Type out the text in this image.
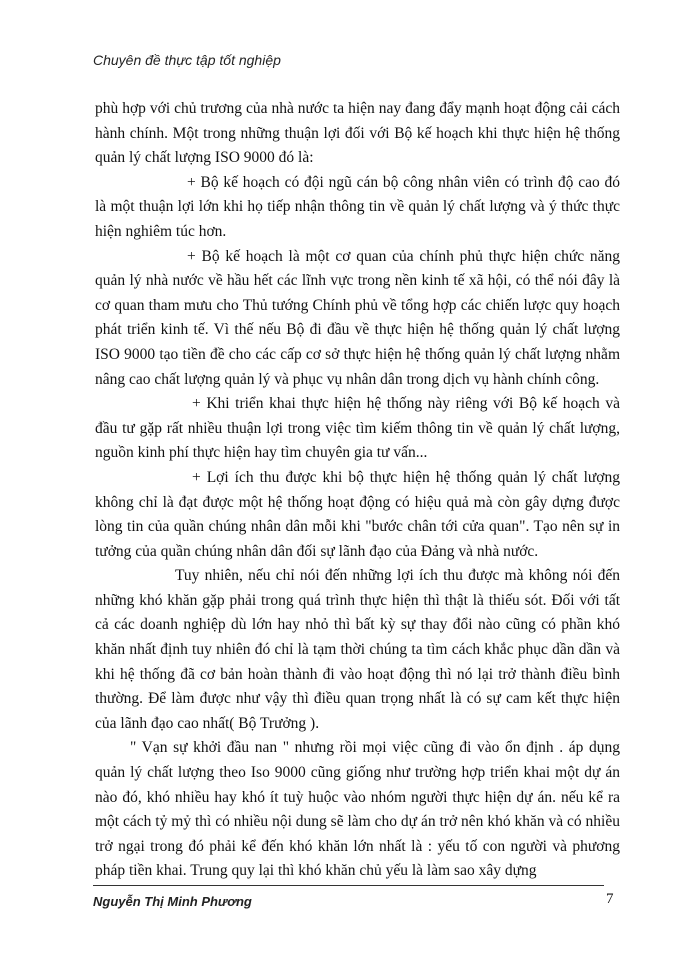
Chuyên đề thực tập tốt nghiệp

phù hợp với chủ trương của nhà nước ta hiện nay đang đẩy mạnh hoạt động cải cách hành chính. Một trong những thuận lợi đối với Bộ kế hoạch khi thực hiện hệ thống quản lý chất lượng ISO 9000 đó là:

+ Bộ kế hoạch có đội ngũ cán bộ công nhân viên có trình độ cao đó là một thuận lợi lớn khi họ tiếp nhận thông tin về quản lý chất lượng và ý thức thực hiện nghiêm túc hơn.

+ Bộ kế hoạch là một cơ quan của chính phủ thực hiện chức năng quản lý nhà nước về hầu hết các lĩnh vực trong nền kinh tế xã hội, có thể nói đây là cơ quan tham mưu cho Thủ tướng Chính phủ về tổng hợp các chiến lược quy hoạch phát triển kinh tế. Vì thế nếu Bộ đi đầu về thực hiện hệ thống quản lý chất lượng ISO 9000 tạo tiền đề cho các cấp cơ sở thực hiện hệ thống quản lý chất lượng nhằm nâng cao chất lượng quản lý và phục vụ nhân dân trong dịch vụ hành chính công.

+ Khi triển khai thực hiện hệ thống này riêng với Bộ kế hoạch và đầu tư gặp rất nhiều thuận lợi trong việc tìm kiếm thông tin về quản lý chất lượng, nguồn kinh phí thực hiện hay tìm chuyên gia tư vấn...

+ Lợi ích thu được khi bộ thực hiện hệ thống quản lý chất lượng không chỉ là đạt được một hệ thống hoạt động có hiệu quả mà còn gây dựng được lòng tin của quần chúng nhân dân mỗi khi "bước chân tới cửa quan". Tạo nên sự in tưởng của quần chúng nhân dân đối sự lãnh đạo của Đảng và nhà nước.

Tuy nhiên, nếu chỉ nói đến những lợi ích thu được mà không nói đến những khó khăn gặp phải trong quá trình thực hiện thì thật là thiếu sót. Đối với tất cả các doanh nghiệp dù lớn hay nhỏ thì bất kỳ sự thay đổi nào cũng có phần khó khăn nhất định tuy nhiên đó chỉ là tạm thời chúng ta tìm cách khắc phục dần dần và khi hệ thống đã cơ bản hoàn thành đi vào hoạt động thì nó lại trở thành điều bình thường. Để làm được như vậy thì điều quan trọng nhất là có sự cam kết thực hiện của lãnh đạo cao nhất( Bộ Trưởng ).

" Vạn sự khởi đầu nan " nhưng rồi mọi việc cũng đi vào ổn định . áp dụng quản lý chất lượng theo Iso 9000 cũng giống như trường hợp triển khai một dự án nào đó, khó nhiều hay khó ít tuỳ huộc vào nhóm người thực hiện dự án. nếu kể ra một cách tỷ mỷ thì có nhiều nội dung sẽ làm cho dự án trở nên khó khăn và có nhiều trở ngại trong đó phải kể đến khó khăn lớn nhất là : yếu tố con người và phương pháp tiền khai. Trung quy lại thì khó khăn chủ yếu là làm sao xây dựng

Nguyễn Thị Minh Phương	7
